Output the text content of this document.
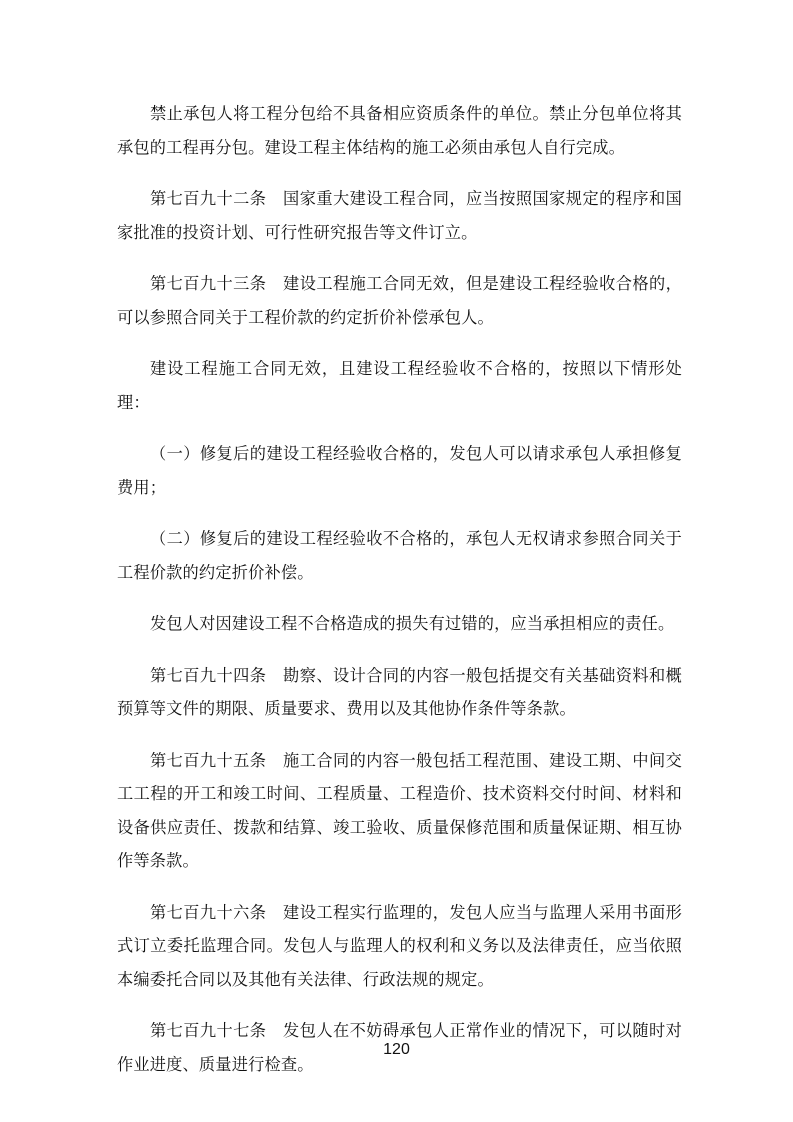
禁止承包人将工程分包给不具备相应资质条件的单位。禁止分包单位将其承包的工程再分包。建设工程主体结构的施工必须由承包人自行完成。

第七百九十二条　国家重大建设工程合同，应当按照国家规定的程序和国家批准的投资计划、可行性研究报告等文件订立。

第七百九十三条　建设工程施工合同无效，但是建设工程经验收合格的，可以参照合同关于工程价款的约定折价补偿承包人。

建设工程施工合同无效，且建设工程经验收不合格的，按照以下情形处理：

（一）修复后的建设工程经验收合格的，发包人可以请求承包人承担修复费用；

（二）修复后的建设工程经验收不合格的，承包人无权请求参照合同关于工程价款的约定折价补偿。

发包人对因建设工程不合格造成的损失有过错的，应当承担相应的责任。

第七百九十四条　勘察、设计合同的内容一般包括提交有关基础资料和概预算等文件的期限、质量要求、费用以及其他协作条件等条款。

第七百九十五条　施工合同的内容一般包括工程范围、建设工期、中间交工工程的开工和竣工时间、工程质量、工程造价、技术资料交付时间、材料和设备供应责任、拨款和结算、竣工验收、质量保修范围和质量保证期、相互协作等条款。

第七百九十六条　建设工程实行监理的，发包人应当与监理人采用书面形式订立委托监理合同。发包人与监理人的权利和义务以及法律责任，应当依照本编委托合同以及其他有关法律、行政法规的规定。

第七百九十七条　发包人在不妨碍承包人正常作业的情况下，可以随时对作业进度、质量进行检查。

120
